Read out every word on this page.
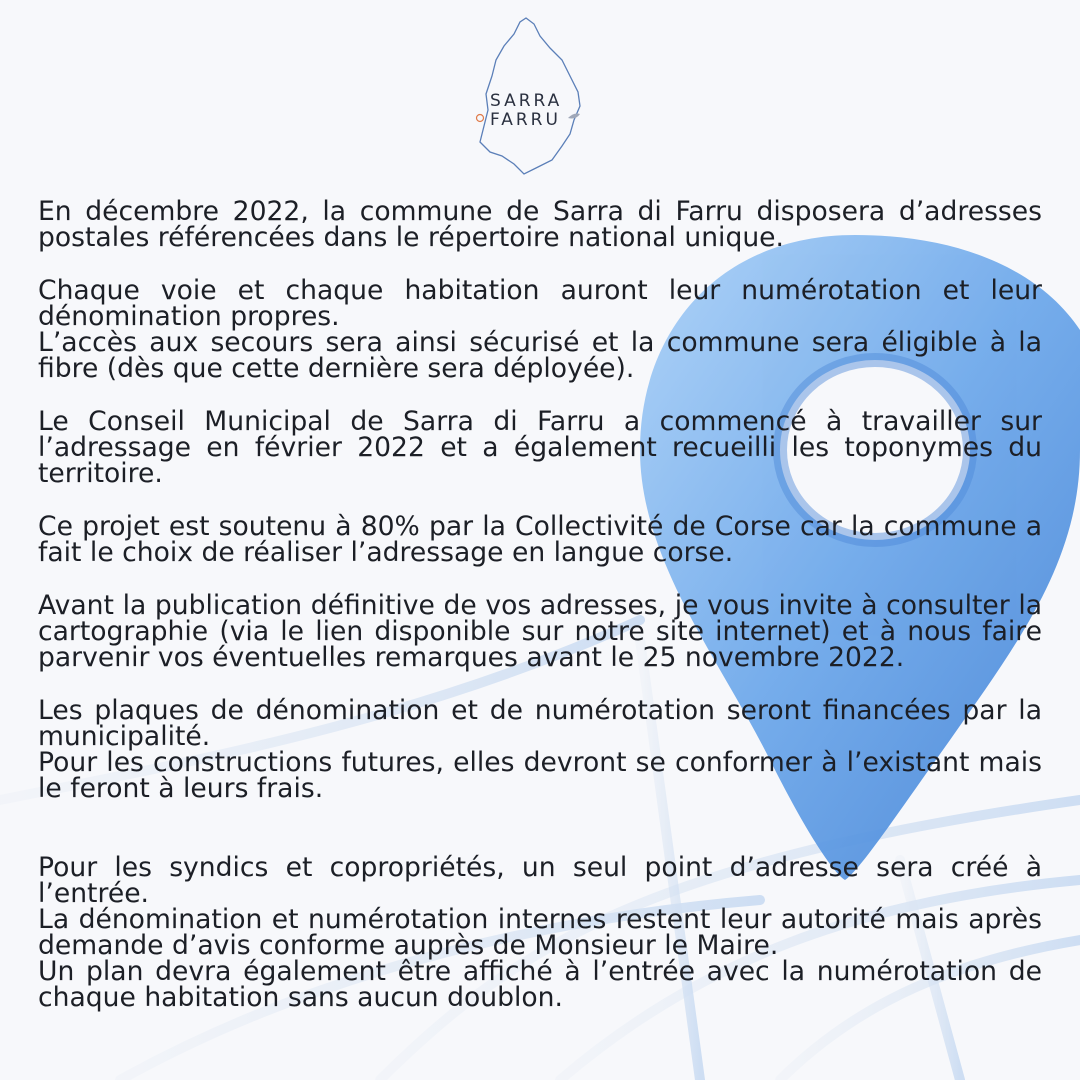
SARRA
FARRU
En décembre 2022, la commune de Sarra di Farru disposera d’adresses postales référencées dans le répertoire national unique.
Chaque voie et chaque habitation auront leur numérotation et leur dénomination propres.
L’accès aux secours sera ainsi sécurisé et la commune sera éligible à la fibre (dès que cette dernière sera déployée).
Le Conseil Municipal de Sarra di Farru a commencé à travailler sur l’adressage en février 2022 et a également recueilli les toponymes du territoire.
Ce projet est soutenu à 80% par la Collectivité de Corse car la commune a fait le choix de réaliser l’adressage en langue corse.
Avant la publication définitive de vos adresses, je vous invite à consulter la cartographie (via le lien disponible sur notre site internet) et à nous faire parvenir vos éventuelles remarques avant le 25 novembre 2022.
Les plaques de dénomination et de numérotation seront financées par la municipalité.
Pour les constructions futures, elles devront se conformer à l’existant mais le feront à leurs frais.
Pour les syndics et copropriétés, un seul point d’adresse sera créé à l’entrée.
La dénomination et numérotation internes restent leur autorité mais après demande d’avis conforme auprès de Monsieur le Maire.
Un plan devra également être affiché à l’entrée avec la numérotation de chaque habitation sans aucun doublon.
